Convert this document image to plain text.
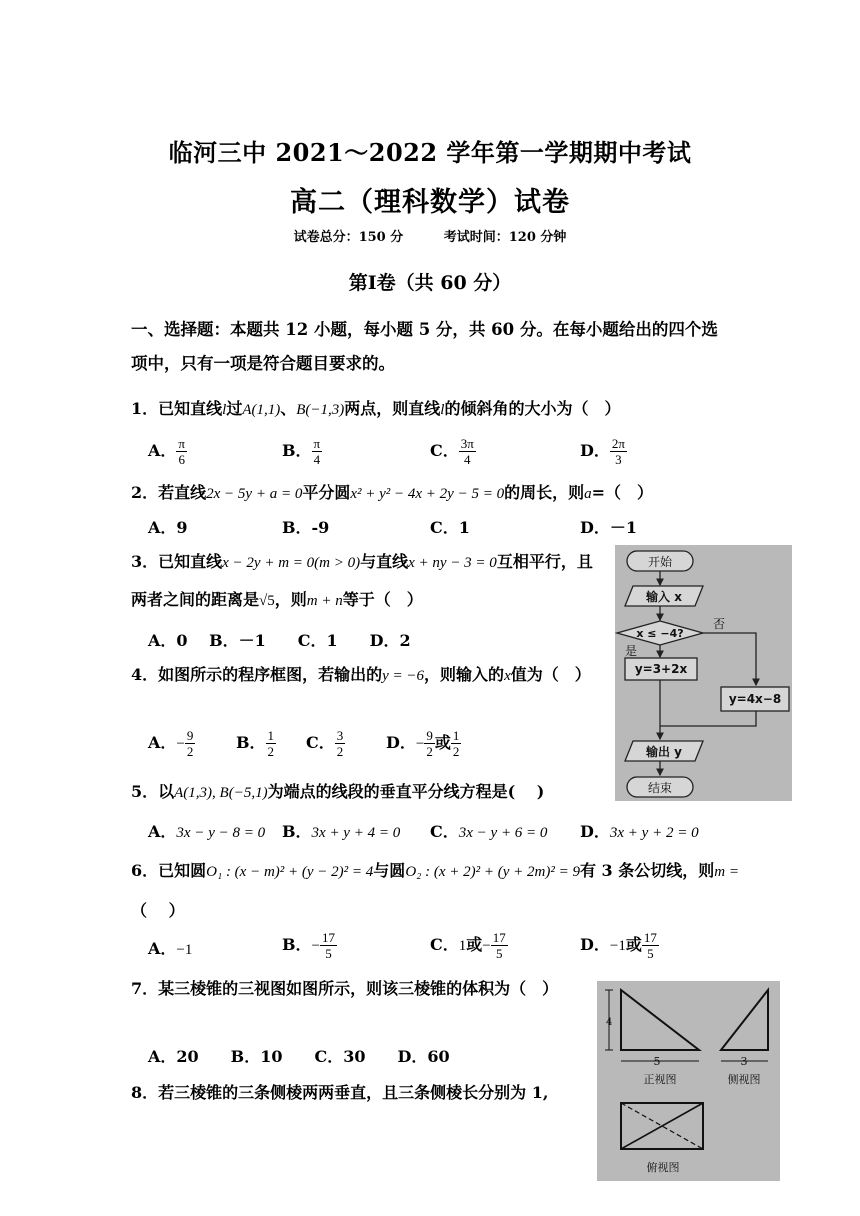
临河三中 2021～2022 学年第一学期期中考试
高二（理科数学）试卷
试卷总分：150 分	考试时间：120 分钟
第Ⅰ卷（共 60 分）
一、选择题：本题共 12 小题，每小题 5 分，共 60 分。在每小题给出的四个选
项中，只有一项是符合题目要求的。
1．已知直线l过A(1,1)、B(−1,3)两点，则直线l的倾斜角的大小为（　）
A． $\frac{\pi}{6}$	B． $\frac{\pi}{4}$	C． $\frac{3\pi}{4}$	D． $\frac{2\pi}{3}$
2．若直线2x − 5y + a = 0平分圆x² + y² − 4x + 2y − 5 = 0的周长，则a=（　）
A．9	B．-9	C．1	D．－1
3．已知直线x − 2y + m = 0(m > 0)与直线x + ny − 3 = 0互相平行，且
两者之间的距离是√5，则m + n等于（　）
A．0　 B．－1　　C．1　　D．2
4．如图所示的程序框图，若输出的y = −6，则输入的x值为（　）
A．− $\frac{9}{2}$	B． $\frac{1}{2}$ C． $\frac{3}{2}$	D．− $\frac{9}{2}$ 或 $\frac{1}{2}$
开始
输入 x
x ≤ −4?
否
是
y=3+2x
y=4x−8
输出 y
结束
5．以A(1,3), B(−5,1)为端点的线段的垂直平分线方程是(　 )
A．3x − y − 8 = 0 B．3x + y + 4 = 0 C．3x − y + 6 = 0 D．3x + y + 2 = 0
6．已知圆O₁ : (x − m)² + (y − 2)² = 4与圆O₂ : (x + 2)² + (y + 2m)² = 9有 3 条公切线，则m =
（　 ）
A．−1	B．− $\frac{17}{5}$	C．1或− $\frac{17}{5}$	D．−1或 $\frac{17}{5}$
7．某三棱锥的三视图如图所示，则该三棱锥的体积为（　）
A．20　　B．10　　C．30　　D．60
4
5
正视图
3
侧视图
俯视图
8．若三棱锥的三条侧棱两两垂直，且三条侧棱长分别为 1,
